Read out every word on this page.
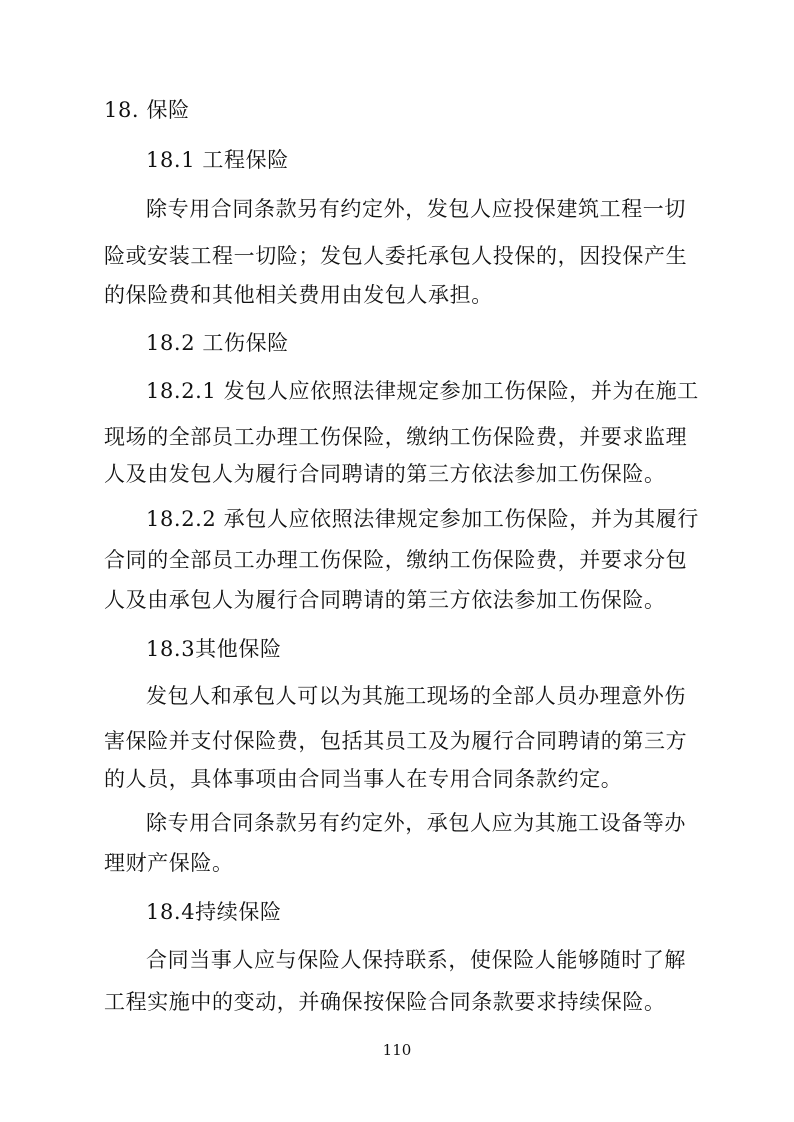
18. 保险
18.1 工程保险
除专用合同条款另有约定外，发包人应投保建筑工程一切
险或安装工程一切险；发包人委托承包人投保的，因投保产生
的保险费和其他相关费用由发包人承担。
18.2 工伤保险
18.2.1 发包人应依照法律规定参加工伤保险，并为在施工
现场的全部员工办理工伤保险，缴纳工伤保险费，并要求监理
人及由发包人为履行合同聘请的第三方依法参加工伤保险。
18.2.2 承包人应依照法律规定参加工伤保险，并为其履行
合同的全部员工办理工伤保险，缴纳工伤保险费，并要求分包
人及由承包人为履行合同聘请的第三方依法参加工伤保险。
18.3其他保险
发包人和承包人可以为其施工现场的全部人员办理意外伤
害保险并支付保险费，包括其员工及为履行合同聘请的第三方
的人员，具体事项由合同当事人在专用合同条款约定。
除专用合同条款另有约定外，承包人应为其施工设备等办
理财产保险。
18.4持续保险
合同当事人应与保险人保持联系，使保险人能够随时了解
工程实施中的变动，并确保按保险合同条款要求持续保险。
110
